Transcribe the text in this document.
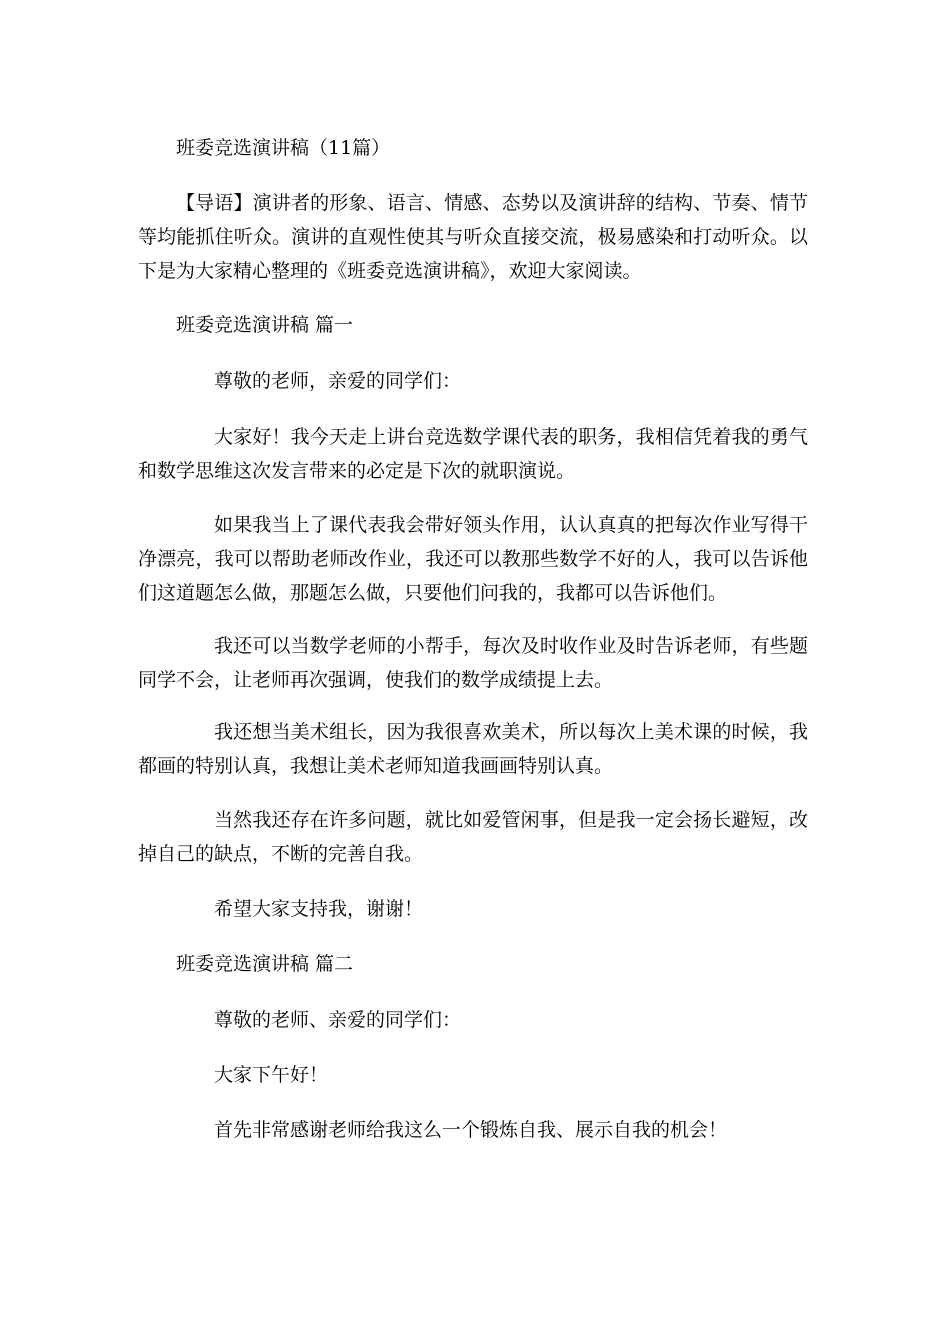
班委竞选演讲稿（11篇）

【导语】演讲者的形象、语言、情感、态势以及演讲辞的结构、节奏、情节等均能抓住听众。演讲的直观性使其与听众直接交流，极易感染和打动听众。以下是为大家精心整理的《班委竞选演讲稿》，欢迎大家阅读。

班委竞选演讲稿 篇一

尊敬的老师，亲爱的同学们：

大家好！我今天走上讲台竞选数学课代表的职务，我相信凭着我的勇气和数学思维这次发言带来的必定是下次的就职演说。

如果我当上了课代表我会带好领头作用，认认真真的把每次作业写得干净漂亮，我可以帮助老师改作业，我还可以教那些数学不好的人，我可以告诉他们这道题怎么做，那题怎么做，只要他们问我的，我都可以告诉他们。

我还可以当数学老师的小帮手，每次及时收作业及时告诉老师，有些题同学不会，让老师再次强调，使我们的数学成绩提上去。

我还想当美术组长，因为我很喜欢美术，所以每次上美术课的时候，我都画的特别认真，我想让美术老师知道我画画特别认真。

当然我还存在许多问题，就比如爱管闲事，但是我一定会扬长避短，改掉自己的缺点，不断的完善自我。

希望大家支持我，谢谢！

班委竞选演讲稿 篇二

尊敬的老师、亲爱的同学们：

大家下午好！

首先非常感谢老师给我这么一个锻炼自我、展示自我的机会！
